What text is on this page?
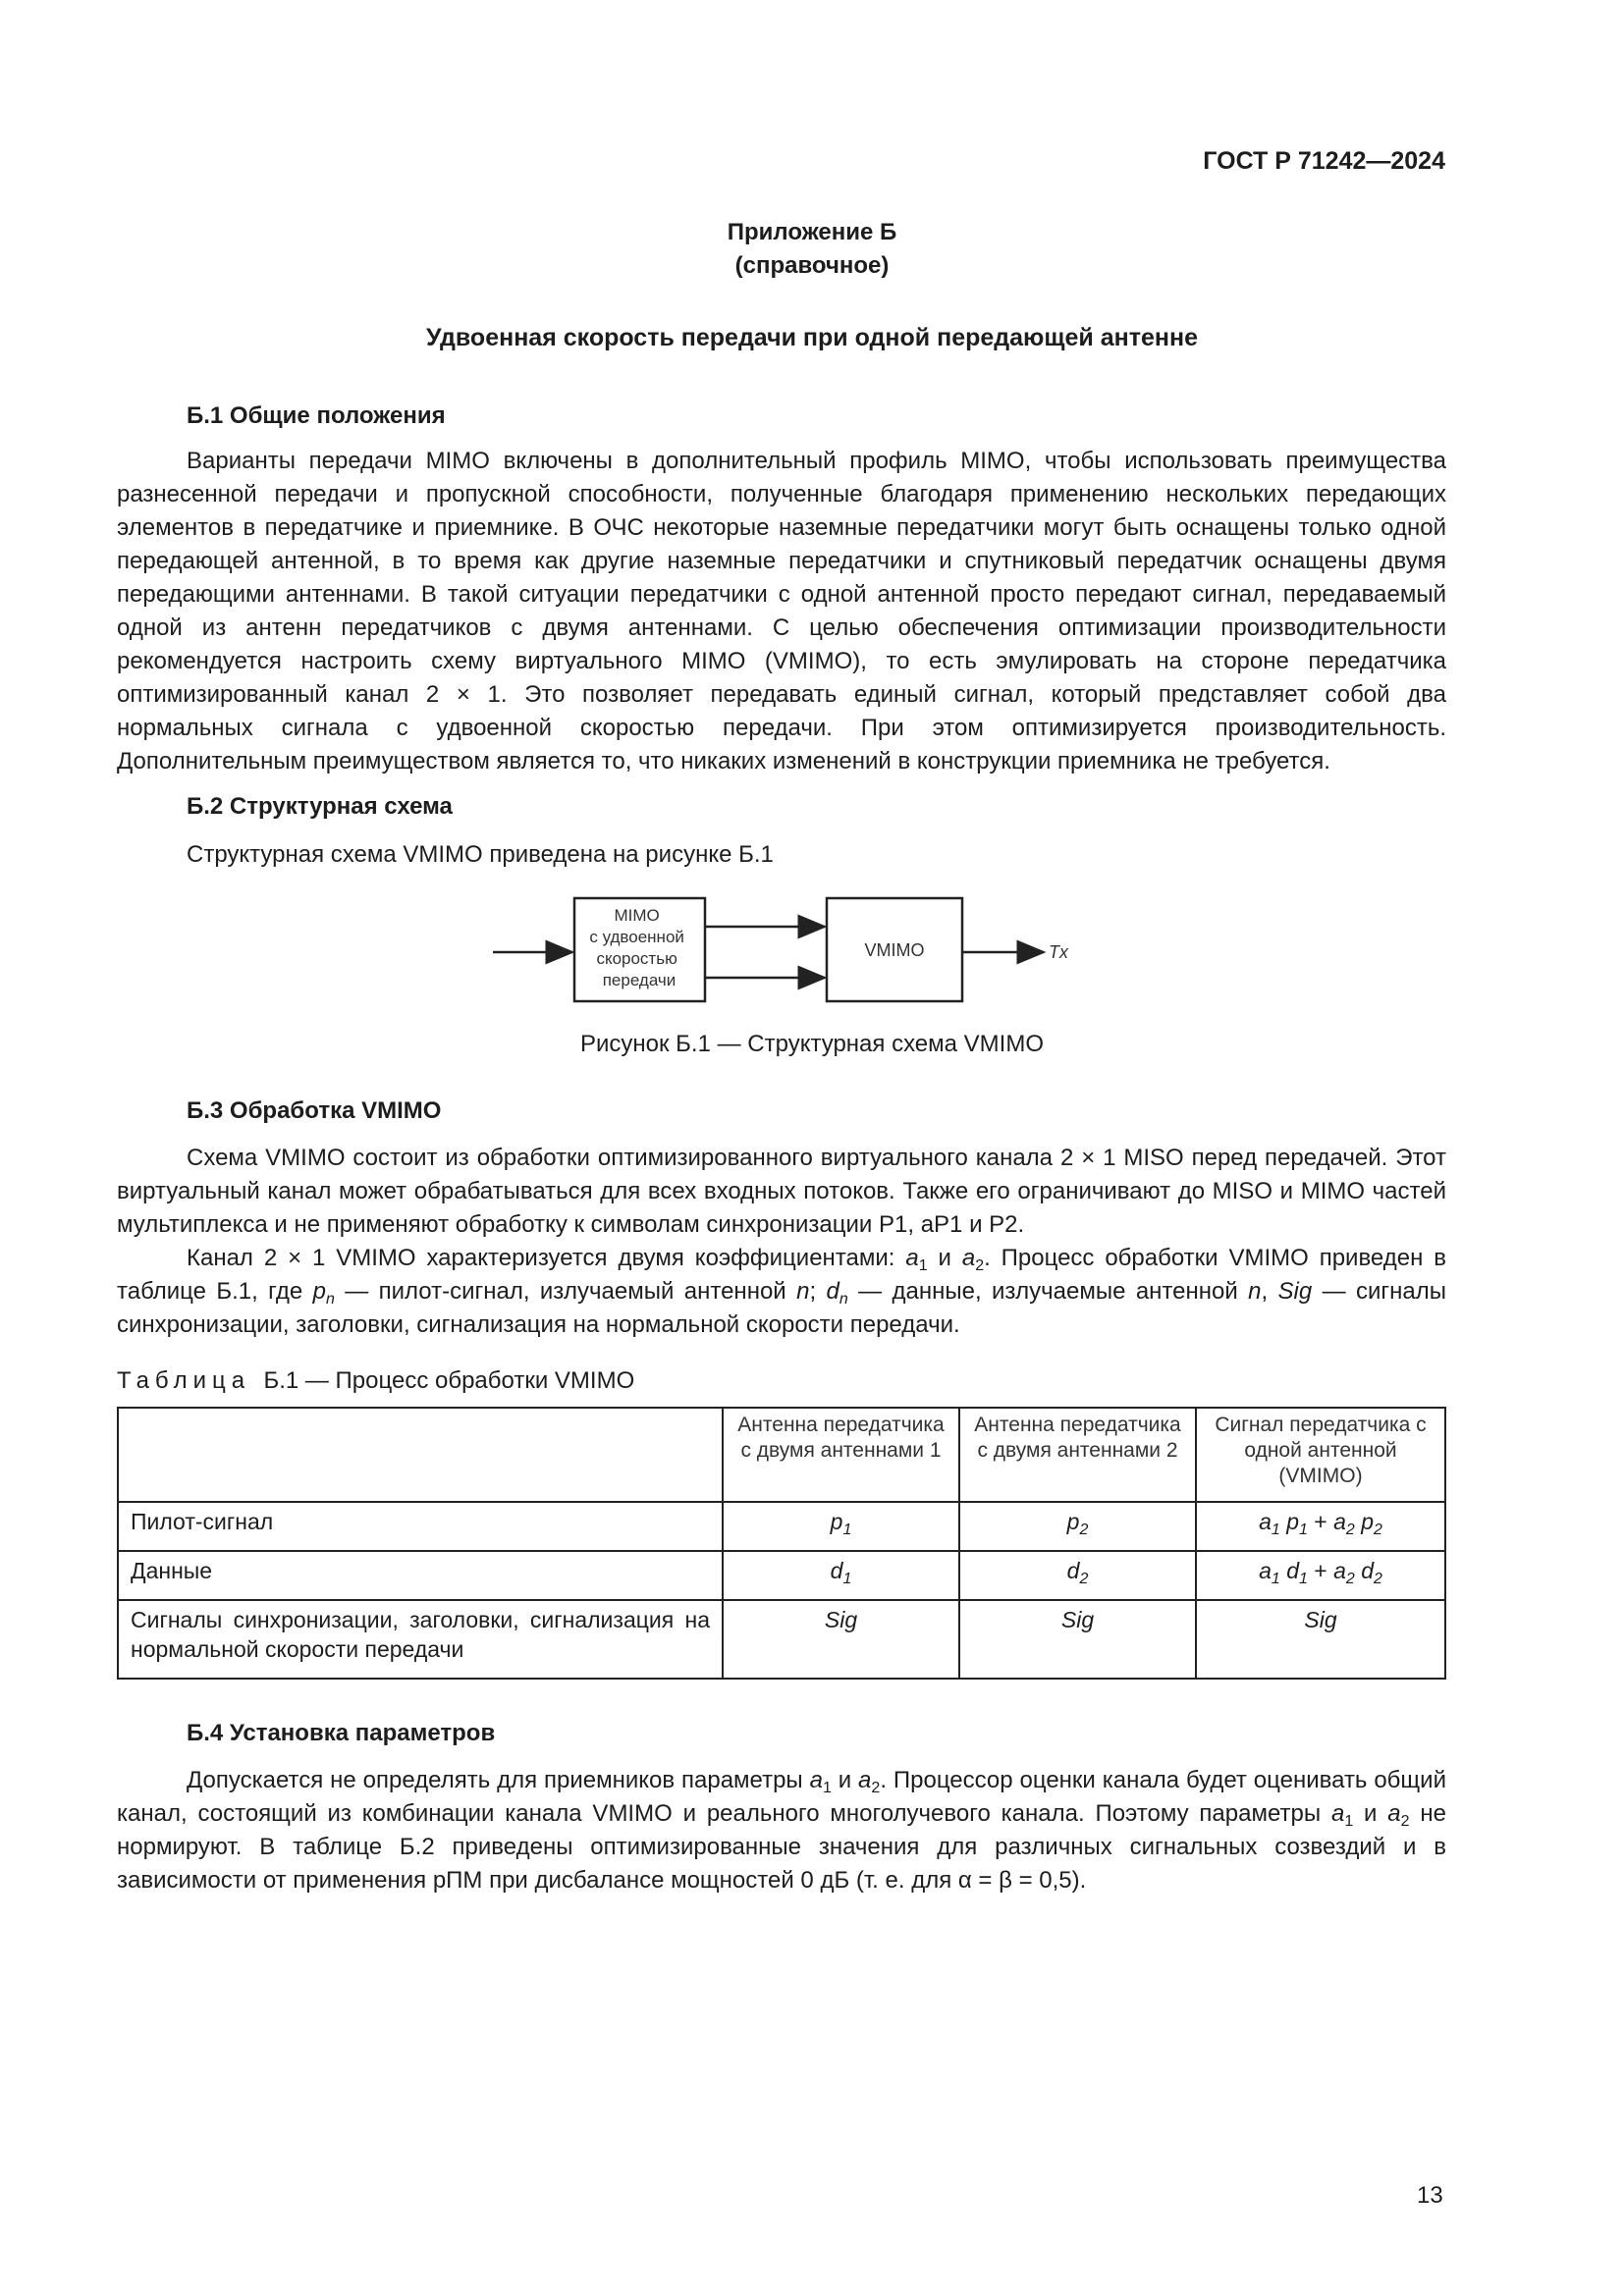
ГОСТ Р 71242—2024
Приложение Б
(справочное)
Удвоенная скорость передачи при одной передающей антенне
Б.1 Общие положения

Варианты передачи MIMO включены в дополнительный профиль MIMO, чтобы использовать преимущества разнесенной передачи и пропускной способности, полученные благодаря применению нескольких передающих элементов в передатчике и приемнике. В ОЧС некоторые наземные передатчики могут быть оснащены только одной передающей антенной, в то время как другие наземные передатчики и спутниковый передатчик оснащены двумя передающими антеннами. В такой ситуации передатчики с одной антенной просто передают сигнал, передаваемый одной из антенн передатчиков с двумя антеннами. С целью обеспечения оптимизации производительности рекомендуется настроить схему виртуального MIMO (VMIMO), то есть эмулировать на стороне передатчика оптимизированный канал 2 × 1. Это позволяет передавать единый сигнал, который представляет собой два нормальных сигнала с удвоенной скоростью передачи. При этом оптимизируется производительность. Дополнительным преимуществом является то, что никаких изменений в конструкции приемника не требуется.

Б.2 Структурная схема
Структурная схема VMIMO приведена на рисунке Б.1
MIMO с удвоенной скоростью передачи
VMIMO	Tx
Рисунок Б.1 — Структурная схема VMIMO
Б.3 Обработка VMIMO

Схема VMIMO состоит из обработки оптимизированного виртуального канала 2 × 1 MISO перед передачей. Этот виртуальный канал может обрабатываться для всех входных потоков. Также его ограничивают до MISO и MIMO частей мультиплекса и не применяют обработку к символам синхронизации P1, aP1 и P2.

Канал 2 × 1 VMIMO характеризуется двумя коэффициентами: $a_1$ и $a_2$. Процесс обработки VMIMO приведен в таблице Б.1, где $p_n$ — пилот-сигнал, излучаемый антенной n; $d_n$ — данные, излучаемые антенной n, Sig — сигналы синхронизации, заголовки, сигнализация на нормальной скорости передачи.

Таблица Б.1 — Процесс обработки VMIMO
	Антенна передатчика с двумя антеннами 1	Антенна передатчика с двумя антеннами 2	Сигнал передатчика с одной антенной (VMIMO)
Пилот-сигнал	$p_1$	$p_2$	$a_1$ $p_1 + a_2$ $p_2$
Данные	$d_1$	$d_2$	$a_1$ $d_1 + a_2$ $d_2$
Сигналы синхронизации, заголовки, сигнализация на нормальной скорости передачи	Sig	Sig	Sig
Б.4 Установка параметров

Допускается не определять для приемников параметры $a_1$ и $a_2$. Процессор оценки канала будет оценивать общий канал, состоящий из комбинации канала VMIMO и реального многолучевого канала. Поэтому параметры $a_1$ и $a_2$ не нормируют. В таблице Б.2 приведены оптимизированные значения для различных сигнальных созвездий и в зависимости от применения рПМ при дисбалансе мощностей 0 дБ (т. е. для α = β = 0,5).

13
